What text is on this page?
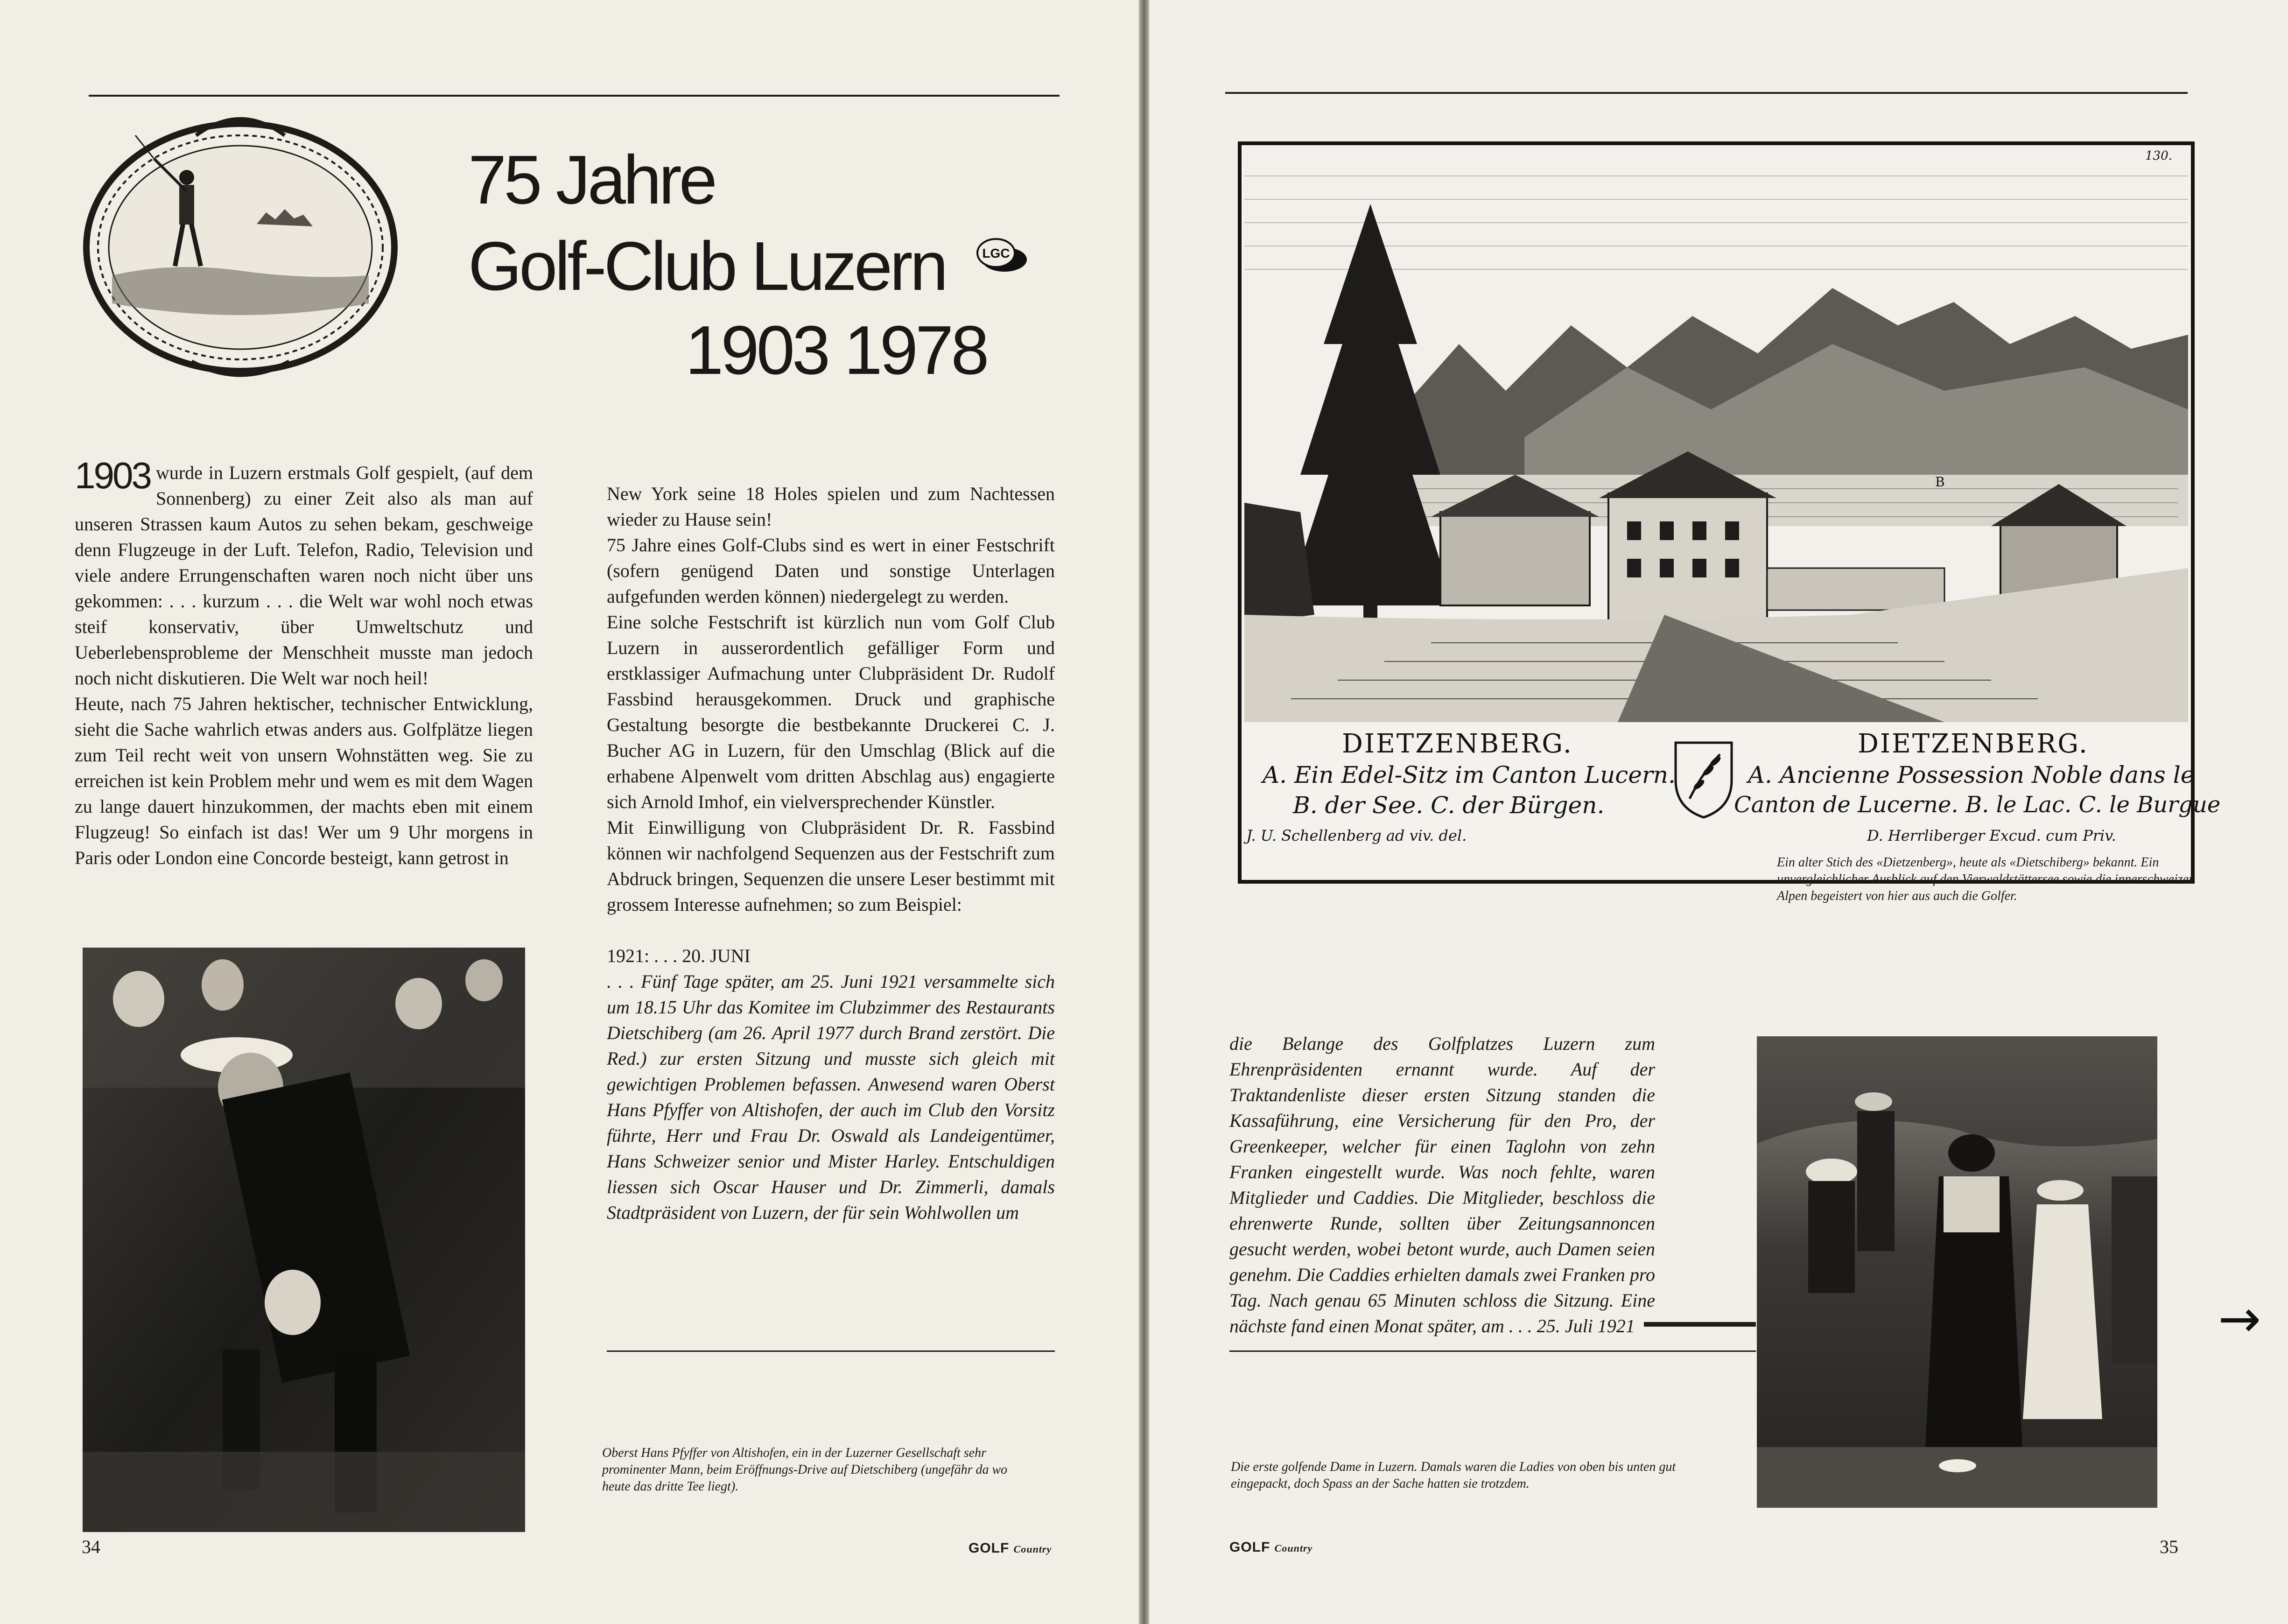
75 Jahre
Golf-Club Luzern
1903 1978
LGC
1903 wurde in Luzern erstmals Golf gespielt, (auf dem Sonnenberg) zu einer Zeit also als man auf unseren Strassen kaum Autos zu sehen bekam, geschweige denn Flugzeuge in der Luft. Telefon, Radio, Television und viele andere Errungenschaften waren noch nicht über uns gekommen: . . . kurzum . . . die Welt war wohl noch etwas steif konservativ, über Umweltschutz und Ueberlebensprobleme der Menschheit musste man jedoch noch nicht diskutieren. Die Welt war noch heil!

Heute, nach 75 Jahren hektischer, technischer Entwicklung, sieht die Sache wahrlich etwas anders aus. Golfplätze liegen zum Teil recht weit von unsern Wohnstätten weg. Sie zu erreichen ist kein Problem mehr und wem es mit dem Wagen zu lange dauert hinzukommen, der machts eben mit einem Flugzeug! So einfach ist das! Wer um 9 Uhr morgens in Paris oder London eine Concorde besteigt, kann getrost in

New York seine 18 Holes spielen und zum Nachtessen wieder zu Hause sein!

75 Jahre eines Golf-Clubs sind es wert in einer Festschrift (sofern genügend Daten und sonstige Unterlagen aufgefunden werden können) niedergelegt zu werden.

Eine solche Festschrift ist kürzlich nun vom Golf Club Luzern in ausserordentlich gefälliger Form und erstklassiger Aufmachung unter Clubpräsident Dr. Rudolf Fassbind herausgekommen. Druck und graphische Gestaltung besorgte die bestbekannte Druckerei C. J. Bucher AG in Luzern, für den Umschlag (Blick auf die erhabene Alpenwelt vom dritten Abschlag aus) engagierte sich Arnold Imhof, ein vielversprechender Künstler.

Mit Einwilligung von Clubpräsident Dr. R. Fassbind können wir nachfolgend Sequenzen aus der Festschrift zum Abdruck bringen, Sequenzen die unsere Leser bestimmt mit grossem Interesse aufnehmen; so zum Beispiel:

1921: . . . 20. JUNI

. . . Fünf Tage später, am 25. Juni 1921 versammelte sich um 18.15 Uhr das Komitee im Clubzimmer des Restaurants Dietschiberg (am 26. April 1977 durch Brand zerstört. Die Red.) zur ersten Sitzung und musste sich gleich mit gewichtigen Problemen befassen. Anwesend waren Oberst Hans Pfyffer von Altishofen, der auch im Club den Vorsitz führte, Herr und Frau Dr. Oswald als Landeigentümer, Hans Schweizer senior und Mister Harley. Entschuldigen liessen sich Oscar Hauser und Dr. Zimmerli, damals Stadtpräsident von Luzern, der für sein Wohlwollen um

Oberst Hans Pfyffer von Altishofen, ein in der Luzerner Gesellschaft sehr prominenter Mann, beim Eröffnungs-Drive auf Dietschiberg (ungefähr da wo heute das dritte Tee liegt).
34	GOLF Country
130.
B
DIETZENBERG.
A. Ein Edel-Sitz im Canton Lucern.
B. der See. C. der Bürgen.
J. U. Schellenberg ad viv. del.
DIETZENBERG.
A. Ancienne Possession Noble dans le
Canton de Lucerne. B. le Lac. C. le Burgue
D. Herrliberger Excud. cum Priv.
Ein alter Stich des «Dietzenberg», heute als «Dietschiberg» bekannt. Ein unvergleichlicher Ausblick auf den Vierwaldstättersee sowie die innerschweizer Alpen begeistert von hier aus auch die Golfer.
die Belange des Golfplatzes Luzern zum Ehrenpräsidenten ernannt wurde. Auf der Traktandenliste dieser ersten Sitzung standen die Kassaführung, eine Versicherung für den Pro, der Greenkeeper, welcher für einen Taglohn von zehn Franken eingestellt wurde. Was noch fehlte, waren Mitglieder und Caddies. Die Mitglieder, beschloss die ehrenwerte Runde, sollten über Zeitungsannoncen gesucht werden, wobei betont wurde, auch Damen seien genehm. Die Caddies erhielten damals zwei Franken pro Tag. Nach genau 65 Minuten schloss die Sitzung. Eine nächste fand einen Monat später, am . . . 25. Juli 1921
Die erste golfende Dame in Luzern. Damals waren die Ladies von oben bis unten gut eingepackt, doch Spass an der Sache hatten sie trotzdem.
→
GOLF Country	35
